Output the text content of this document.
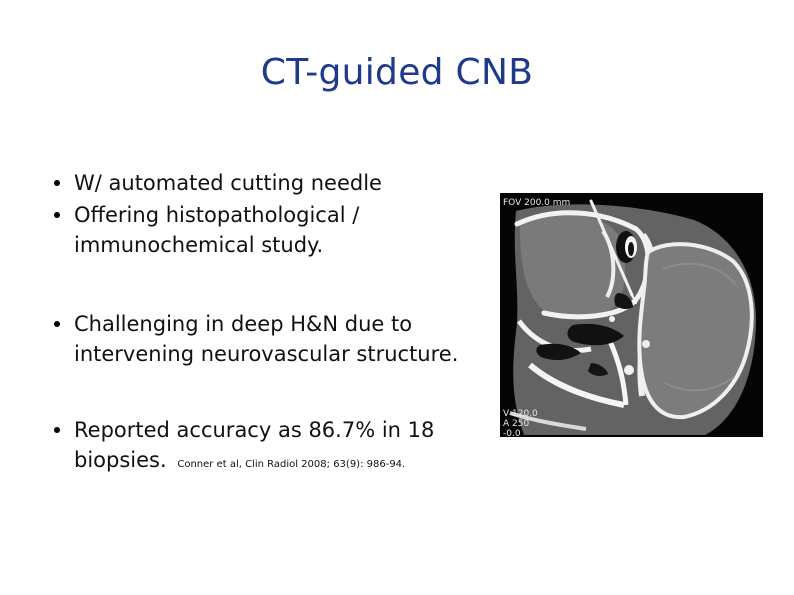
CT-guided CNB
W/ automated cutting needle
Offering histopathological / immunochemical study.
Challenging in deep H&N due to intervening neurovascular structure.
Reported accuracy as 86.7% in 18 biopsies. Conner et al, Clin Radiol 2008; 63(9): 986-94.
FOV 200.0 mm
V 120.0
A 250
-0.0
